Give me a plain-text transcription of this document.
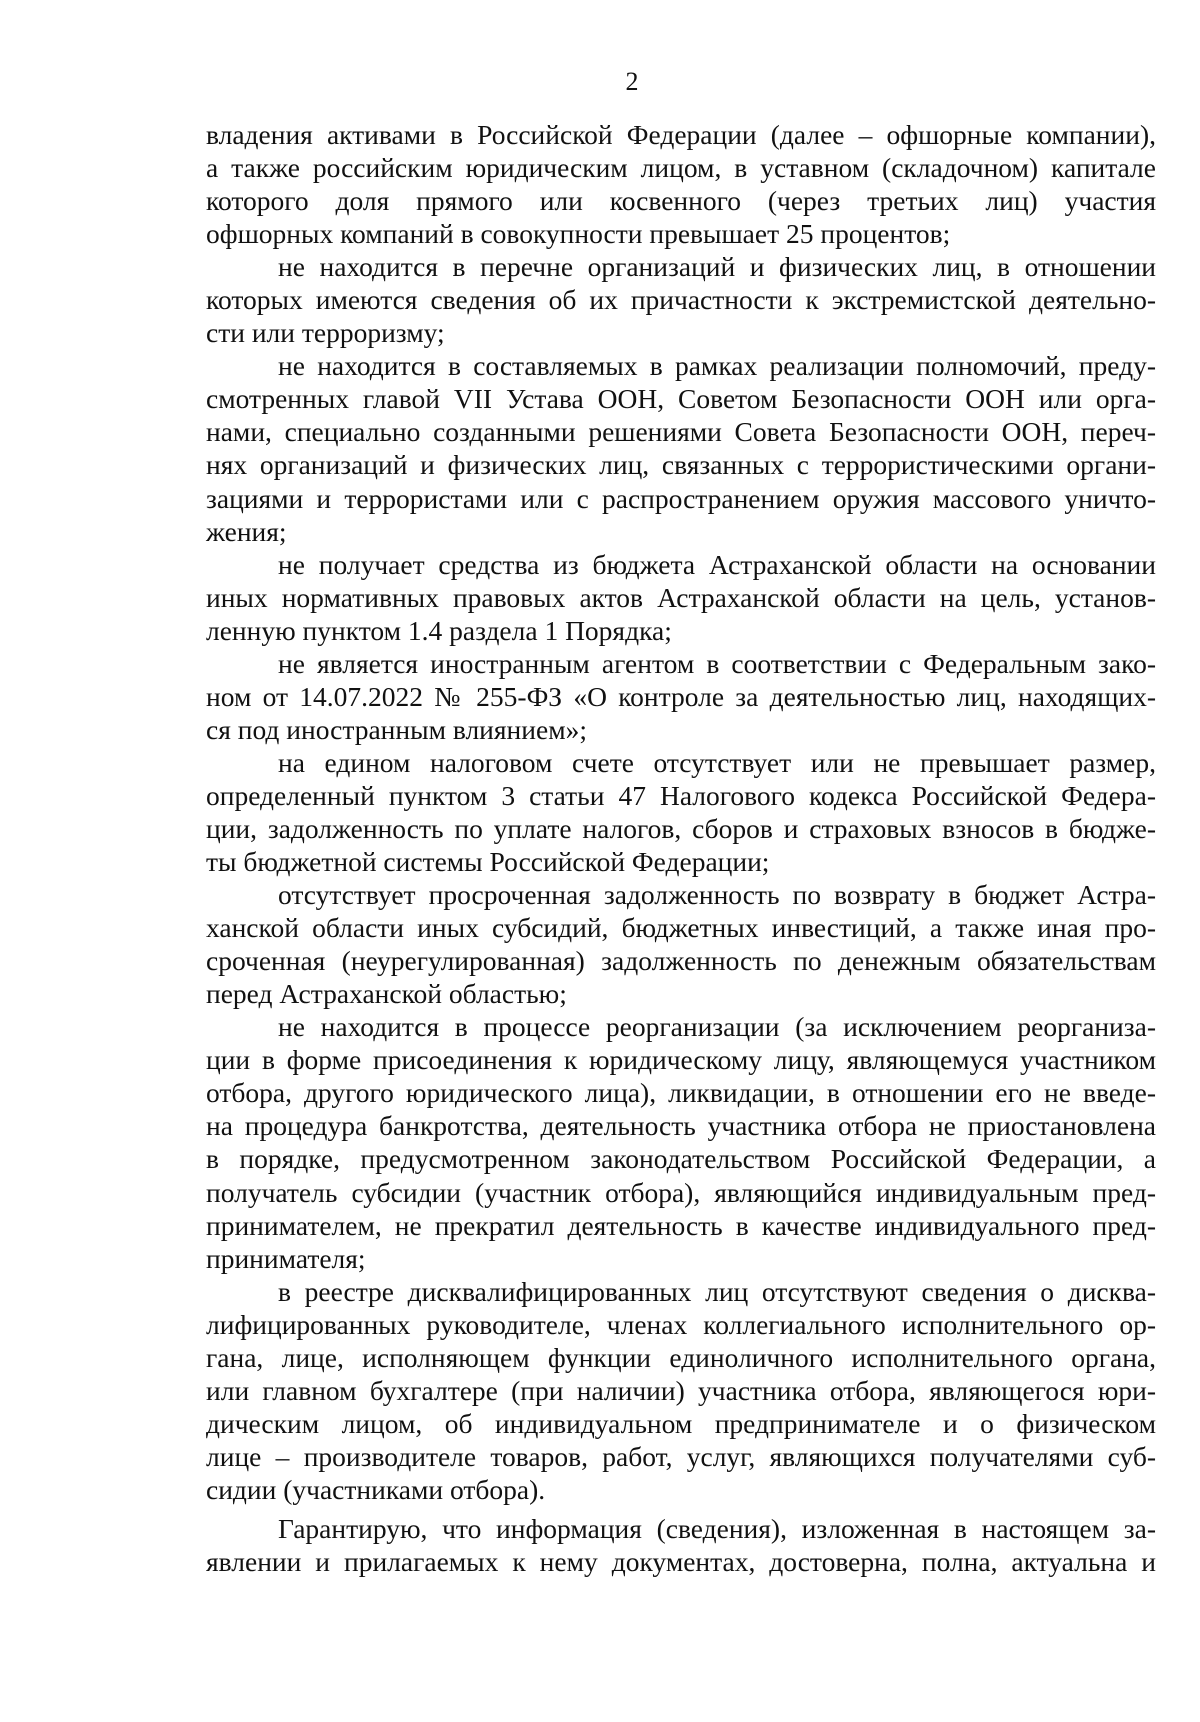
2
владения активами в Российской Федерации (далее – офшорные компании),
а также российским юридическим лицом, в уставном (складочном) капитале
которого доля прямого или косвенного (через третьих лиц) участия
офшорных компаний в совокупности превышает 25 процентов;
не находится в перечне организаций и физических лиц, в отношении
которых имеются сведения об их причастности к экстремистской деятельно-
сти или терроризму;
не находится в составляемых в рамках реализации полномочий, преду-
смотренных главой VII Устава ООН, Советом Безопасности ООН или орга-
нами, специально созданными решениями Совета Безопасности ООН, переч-
нях организаций и физических лиц, связанных с террористическими органи-
зациями и террористами или с распространением оружия массового уничто-
жения;
не получает средства из бюджета Астраханской области на основании
иных нормативных правовых актов Астраханской области на цель, установ-
ленную пунктом 1.4 раздела 1 Порядка;
не является иностранным агентом в соответствии с Федеральным зако-
ном от 14.07.2022 № 255-ФЗ «О контроле за деятельностью лиц, находящих-
ся под иностранным влиянием»;
на едином налоговом счете отсутствует или не превышает размер,
определенный пунктом 3 статьи 47 Налогового кодекса Российской Федера-
ции, задолженность по уплате налогов, сборов и страховых взносов в бюдже-
ты бюджетной системы Российской Федерации;
отсутствует просроченная задолженность по возврату в бюджет Астра-
ханской области иных субсидий, бюджетных инвестиций, а также иная про-
сроченная (неурегулированная) задолженность по денежным обязательствам
перед Астраханской областью;
не находится в процессе реорганизации (за исключением реорганиза-
ции в форме присоединения к юридическому лицу, являющемуся участником
отбора, другого юридического лица), ликвидации, в отношении его не введе-
на процедура банкротства, деятельность участника отбора не приостановлена
в порядке, предусмотренном законодательством Российской Федерации, а
получатель субсидии (участник отбора), являющийся индивидуальным пред-
принимателем, не прекратил деятельность в качестве индивидуального пред-
принимателя;
в реестре дисквалифицированных лиц отсутствуют сведения о дисква-
лифицированных руководителе, членах коллегиального исполнительного ор-
гана, лице, исполняющем функции единоличного исполнительного органа,
или главном бухгалтере (при наличии) участника отбора, являющегося юри-
дическим лицом, об индивидуальном предпринимателе и о физическом
лице – производителе товаров, работ, услуг, являющихся получателями суб-
сидии (участниками отбора).
Гарантирую, что информация (сведения), изложенная в настоящем за-
явлении и прилагаемых к нему документах, достоверна, полна, актуальна и
